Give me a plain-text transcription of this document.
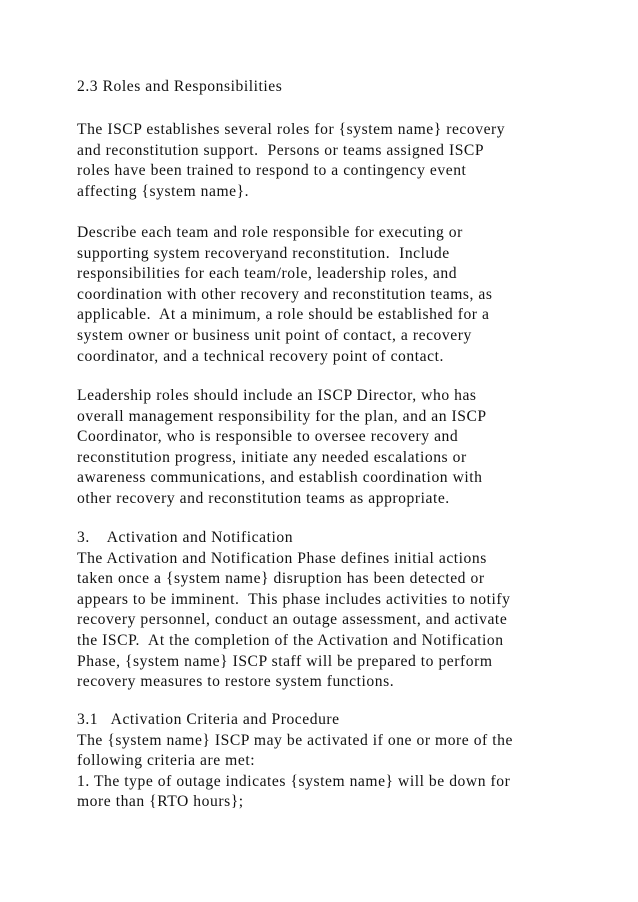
2.3 Roles and Responsibilities

The ISCP establishes several roles for {system name} recovery
and reconstitution support.  Persons or teams assigned ISCP
roles have been trained to respond to a contingency event
affecting {system name}.

Describe each team and role responsible for executing or
supporting system recoveryand reconstitution.  Include
responsibilities for each team/role, leadership roles, and
coordination with other recovery and reconstitution teams, as
applicable.  At a minimum, a role should be established for a
system owner or business unit point of contact, a recovery
coordinator, and a technical recovery point of contact.

Leadership roles should include an ISCP Director, who has
overall management responsibility for the plan, and an ISCP
Coordinator, who is responsible to oversee recovery and
reconstitution progress, initiate any needed escalations or
awareness communications, and establish coordination with
other recovery and reconstitution teams as appropriate.

3.    Activation and Notification
The Activation and Notification Phase defines initial actions
taken once a {system name} disruption has been detected or
appears to be imminent.  This phase includes activities to notify
recovery personnel, conduct an outage assessment, and activate
the ISCP.  At the completion of the Activation and Notification
Phase, {system name} ISCP staff will be prepared to perform
recovery measures to restore system functions.

3.1   Activation Criteria and Procedure
The {system name} ISCP may be activated if one or more of the
following criteria are met:
1. The type of outage indicates {system name} will be down for
more than {RTO hours};
